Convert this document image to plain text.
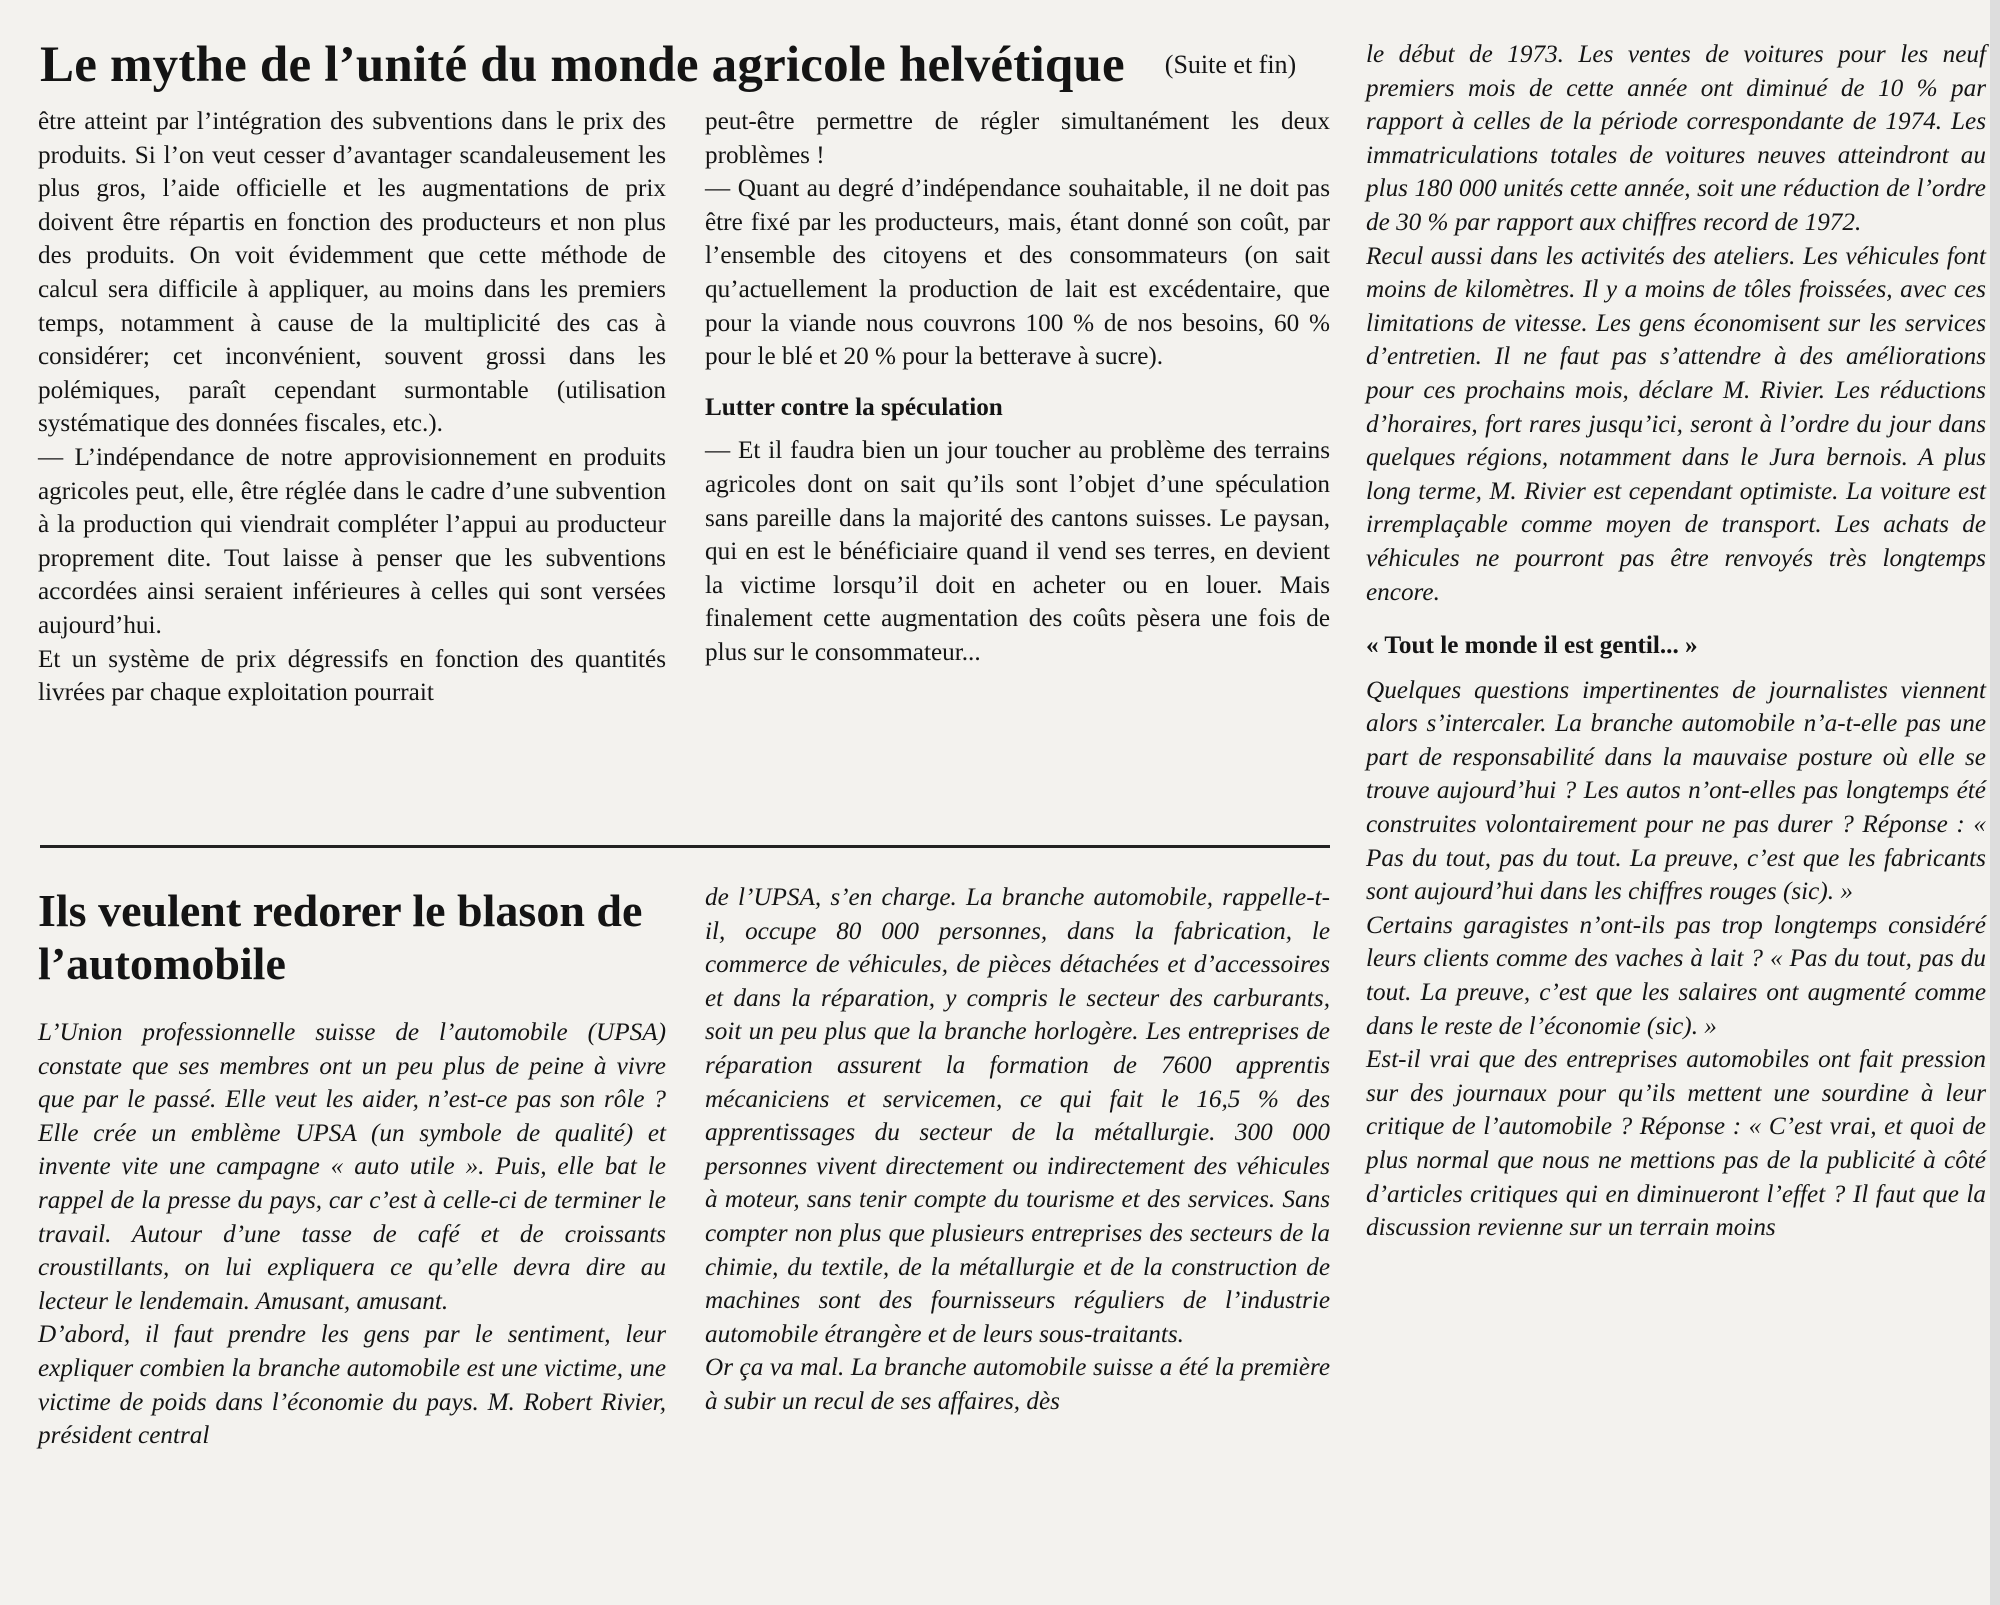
Le mythe de l’unité du monde agricole helvétique (Suite et fin)

être atteint par l’intégration des subventions dans le prix des produits. Si l’on veut cesser d’avantager scandaleusement les plus gros, l’aide officielle et les augmentations de prix doivent être répartis en fonction des producteurs et non plus des produits. On voit évidemment que cette méthode de calcul sera difficile à appliquer, au moins dans les premiers temps, notamment à cause de la multiplicité des cas à considérer; cet inconvénient, souvent grossi dans les polémiques, paraît cependant surmontable (utilisation systématique des données fiscales, etc.).

— L’indépendance de notre approvisionnement en produits agricoles peut, elle, être réglée dans le cadre d’une subvention à la production qui viendrait compléter l’appui au producteur proprement dite. Tout laisse à penser que les subventions accordées ainsi seraient inférieures à celles qui sont versées aujourd’hui.

Et un système de prix dégressifs en fonction des quantités livrées par chaque exploitation pourrait

peut-être permettre de régler simultanément les deux problèmes !

— Quant au degré d’indépendance souhaitable, il ne doit pas être fixé par les producteurs, mais, étant donné son coût, par l’ensemble des citoyens et des consommateurs (on sait qu’actuellement la production de lait est excédentaire, que pour la viande nous couvrons 100 % de nos besoins, 60 % pour le blé et 20 % pour la betterave à sucre).

Lutter contre la spéculation

— Et il faudra bien un jour toucher au problème des terrains agricoles dont on sait qu’ils sont l’objet d’une spéculation sans pareille dans la majorité des cantons suisses. Le paysan, qui en est le bénéficiaire quand il vend ses terres, en devient la victime lorsqu’il doit en acheter ou en louer. Mais finalement cette augmentation des coûts pèsera une fois de plus sur le consommateur...

Ils veulent redorer le blason de l’automobile

L’Union professionnelle suisse de l’automobile (UPSA) constate que ses membres ont un peu plus de peine à vivre que par le passé. Elle veut les aider, n’est-ce pas son rôle ? Elle crée un emblème UPSA (un symbole de qualité) et invente vite une campagne « auto utile ». Puis, elle bat le rappel de la presse du pays, car c’est à celle-ci de terminer le travail. Autour d’une tasse de café et de croissants croustillants, on lui expliquera ce qu’elle devra dire au lecteur le lendemain. Amusant, amusant.

D’abord, il faut prendre les gens par le sentiment, leur expliquer combien la branche automobile est une victime, une victime de poids dans l’économie du pays. M. Robert Rivier, président central

de l’UPSA, s’en charge. La branche automobile, rappelle-t-il, occupe 80 000 personnes, dans la fabrication, le commerce de véhicules, de pièces détachées et d’accessoires et dans la réparation, y compris le secteur des carburants, soit un peu plus que la branche horlogère. Les entreprises de réparation assurent la formation de 7600 apprentis mécaniciens et servicemen, ce qui fait le 16,5 % des apprentissages du secteur de la métallurgie. 300 000 personnes vivent directement ou indirectement des véhicules à moteur, sans tenir compte du tourisme et des services. Sans compter non plus que plusieurs entreprises des secteurs de la chimie, du textile, de la métallurgie et de la construction de machines sont des fournisseurs réguliers de l’industrie automobile étrangère et de leurs sous-traitants.

Or ça va mal. La branche automobile suisse a été la première à subir un recul de ses affaires, dès

le début de 1973. Les ventes de voitures pour les neuf premiers mois de cette année ont diminué de 10 % par rapport à celles de la période correspondante de 1974. Les immatriculations totales de voitures neuves atteindront au plus 180 000 unités cette année, soit une réduction de l’ordre de 30 % par rapport aux chiffres record de 1972.

Recul aussi dans les activités des ateliers. Les véhicules font moins de kilomètres. Il y a moins de tôles froissées, avec ces limitations de vitesse. Les gens économisent sur les services d’entretien. Il ne faut pas s’attendre à des améliorations pour ces prochains mois, déclare M. Rivier. Les réductions d’horaires, fort rares jusqu’ici, seront à l’ordre du jour dans quelques régions, notamment dans le Jura bernois. A plus long terme, M. Rivier est cependant optimiste. La voiture est irremplaçable comme moyen de transport. Les achats de véhicules ne pourront pas être renvoyés très longtemps encore.

« Tout le monde il est gentil... »

Quelques questions impertinentes de journalistes viennent alors s’intercaler. La branche automobile n’a-t-elle pas une part de responsabilité dans la mauvaise posture où elle se trouve aujourd’hui ? Les autos n’ont-elles pas longtemps été construites volontairement pour ne pas durer ? Réponse : « Pas du tout, pas du tout. La preuve, c’est que les fabricants sont aujourd’hui dans les chiffres rouges (sic). »

Certains garagistes n’ont-ils pas trop longtemps considéré leurs clients comme des vaches à lait ? « Pas du tout, pas du tout. La preuve, c’est que les salaires ont augmenté comme dans le reste de l’économie (sic). »

Est-il vrai que des entreprises automobiles ont fait pression sur des journaux pour qu’ils mettent une sourdine à leur critique de l’automobile ? Réponse : « C’est vrai, et quoi de plus normal que nous ne mettions pas de la publicité à côté d’articles critiques qui en diminueront l’effet ? Il faut que la discussion revienne sur un terrain moins
